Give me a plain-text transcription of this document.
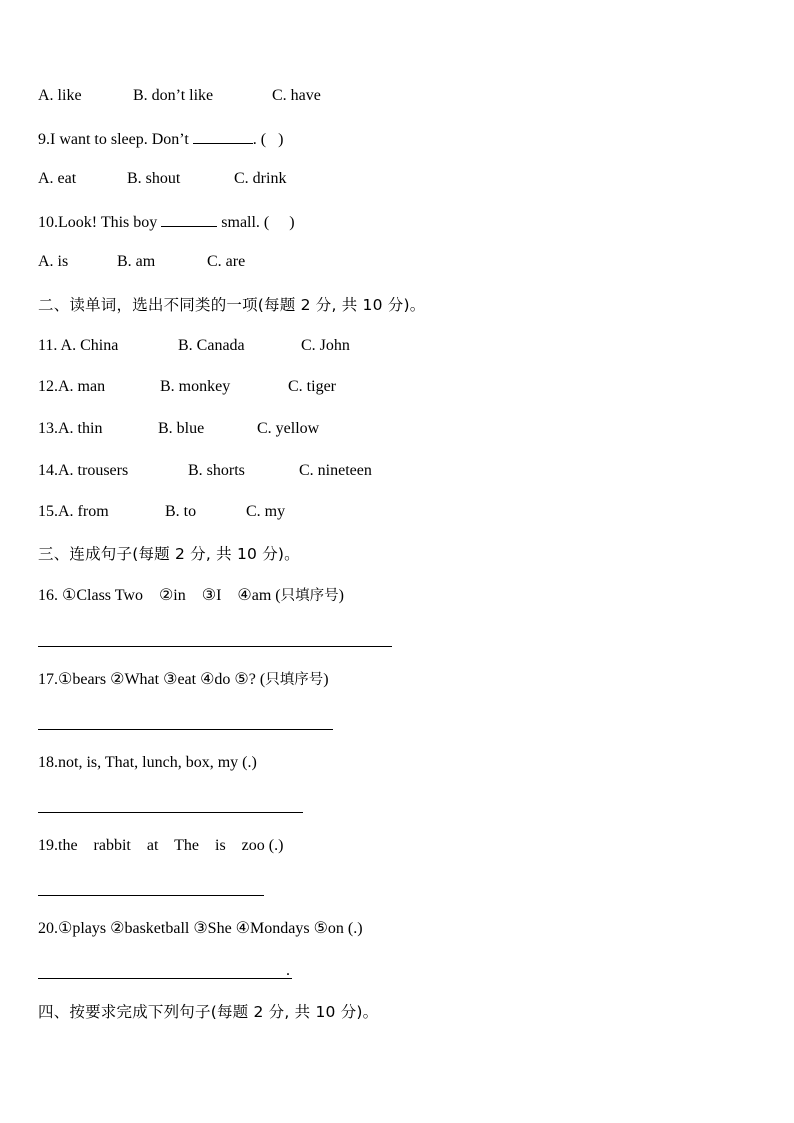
A. like	B. don’t like	C. have
9.I want to sleep. Don’t	. (   )
A. eat	B. shout	C. drink
10.Look! This boy	small. (     )
A. is	B. am	C. are
二、读单词，选出不同类的一项(每题 2 分, 共 10 分)。
11. A. China	B. Canada	C. John
12.A. man	B. monkey	C. tiger
13.A. thin	B. blue	C. yellow
14.A. trousers	B. shorts	C. nineteen
15.A. from	B. to	C. my
三、连成句子(每题 2 分, 共 10 分)。
16. ①Class Two    ②in    ③I    ④am (只填序号)
17.①bears ②What ③eat ④do ⑤? (只填序号)
18.not, is, That, lunch, box, my (.)
19.the    rabbit    at    The    is    zoo (.)
20.①plays ②basketball ③She ④Mondays ⑤on (.)
.
四、按要求完成下列句子(每题 2 分, 共 10 分)。
